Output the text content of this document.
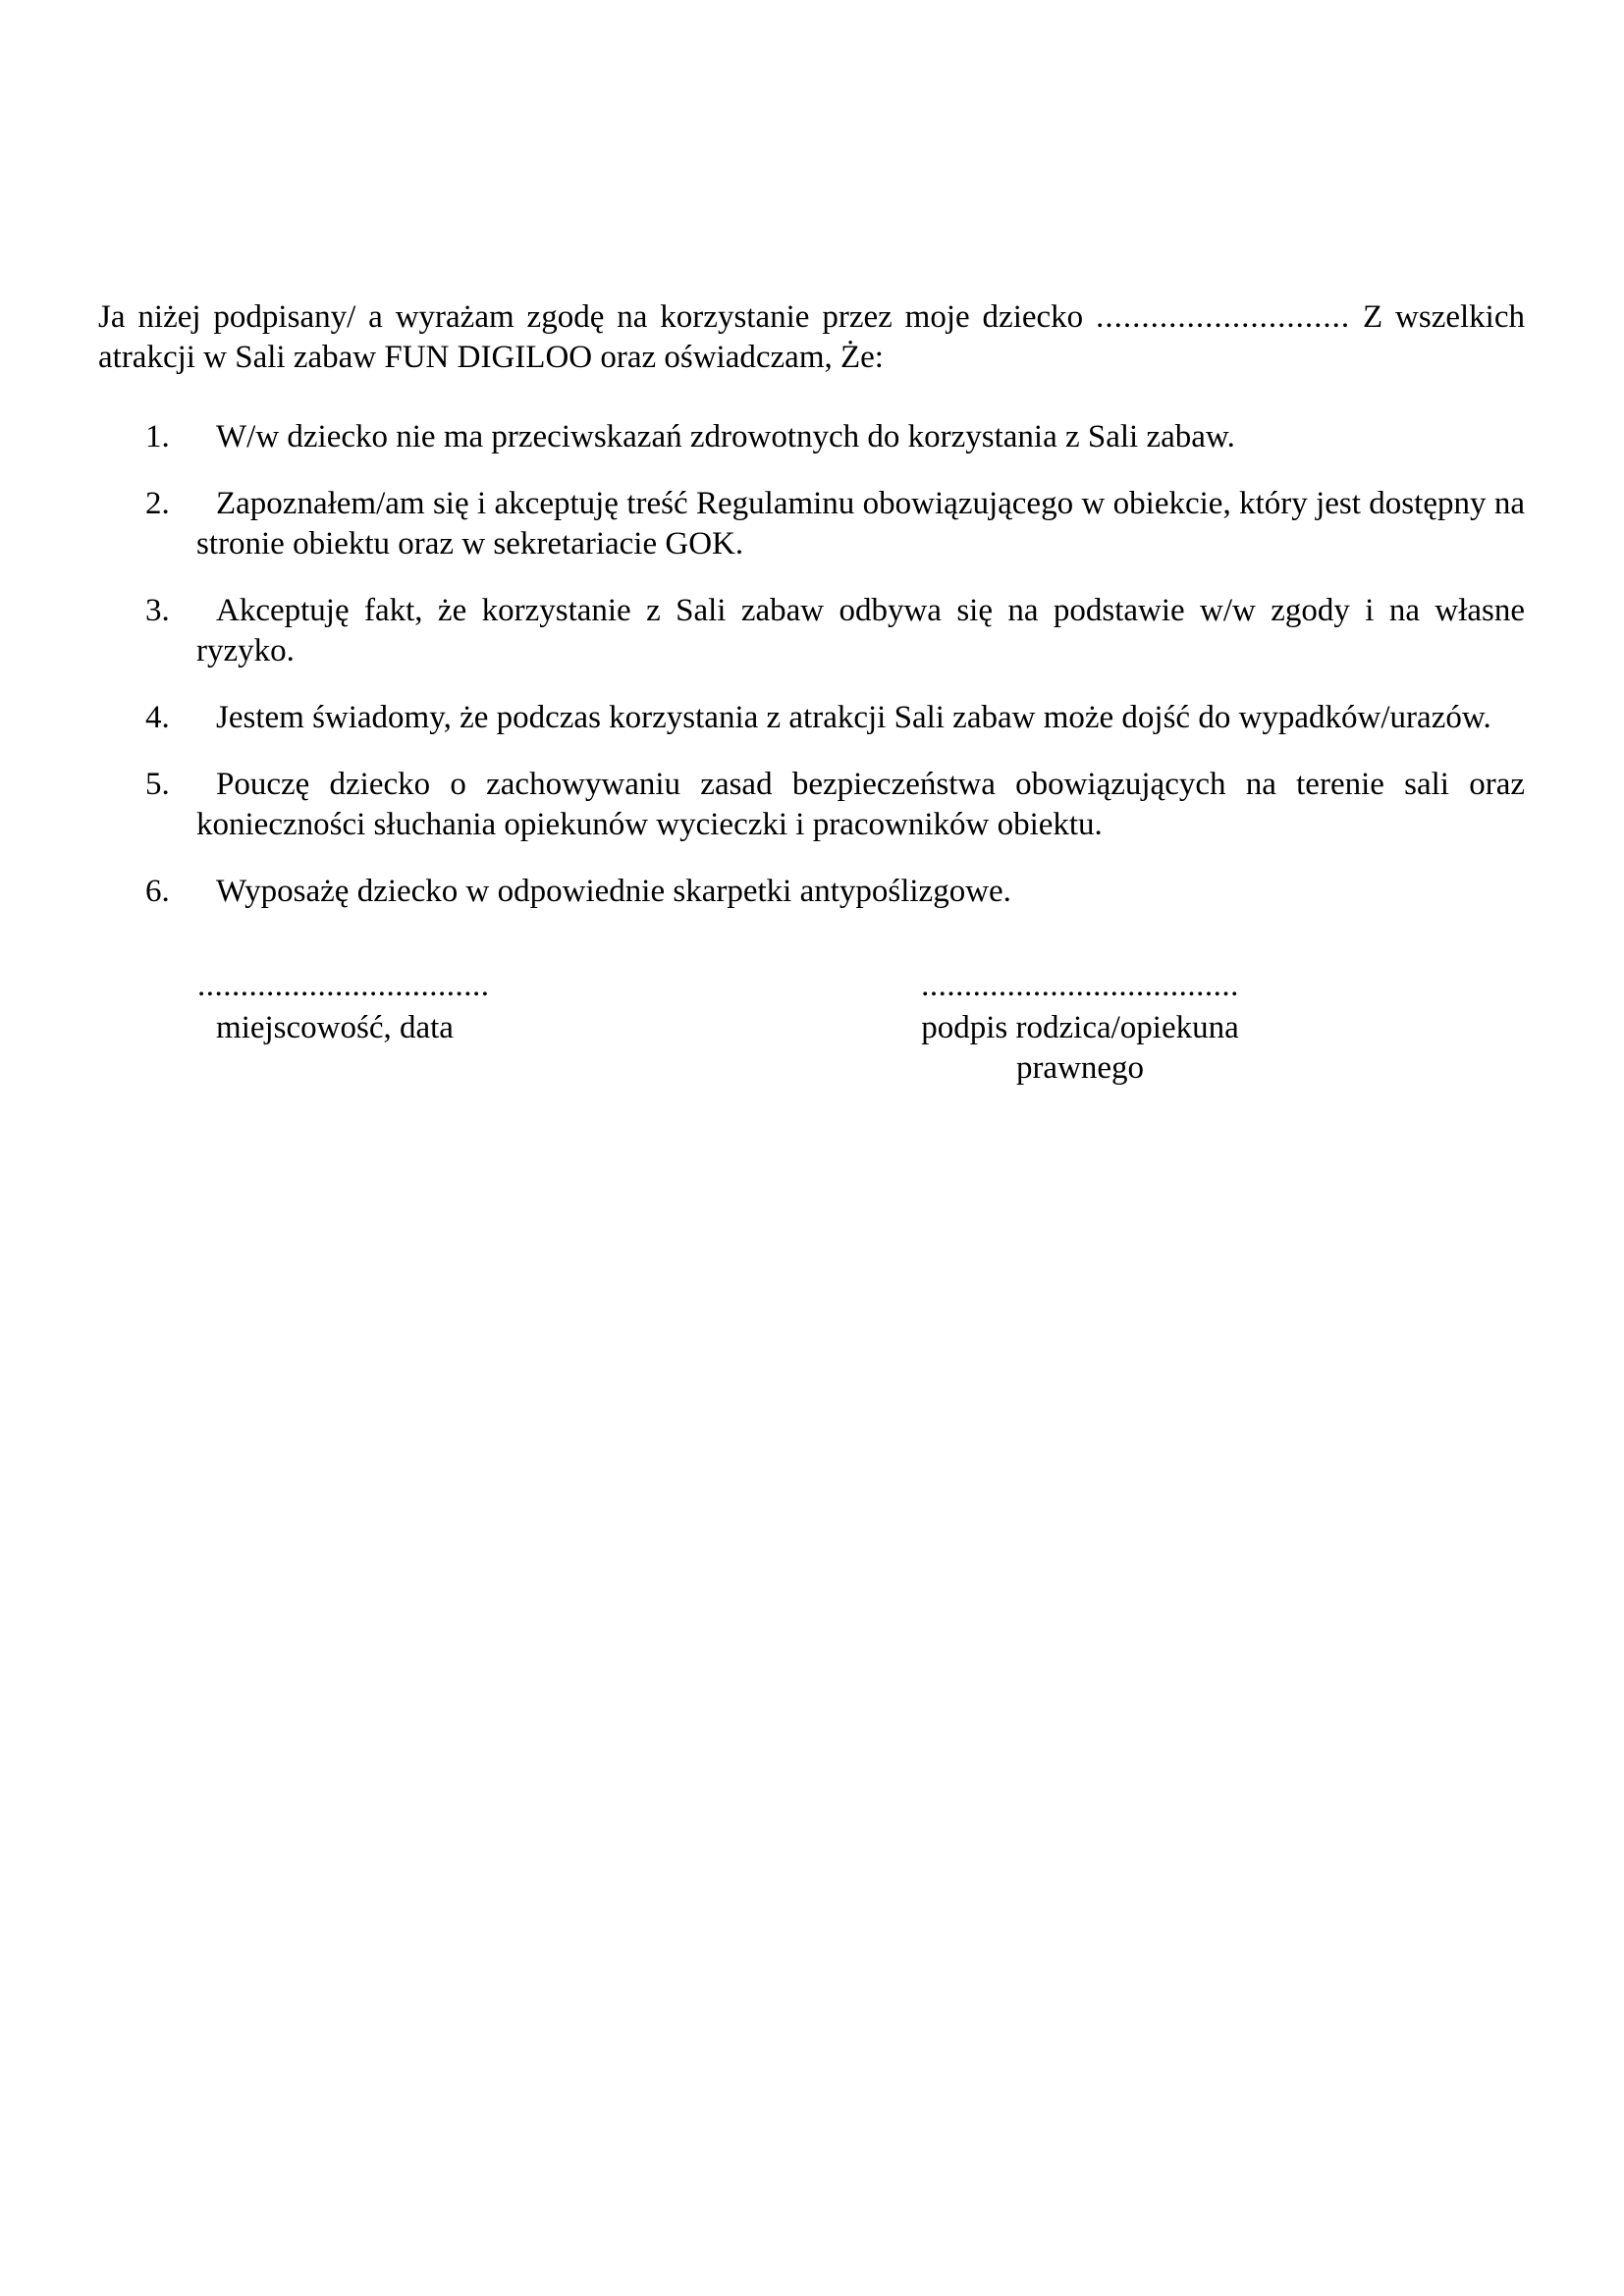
Ja niżej podpisany/ a wyrażam zgodę na korzystanie przez moje dziecko ............................ Z wszelkich atrakcji w Sali zabaw FUN DIGILOO oraz oświadczam, Że:

1. W/w dziecko nie ma przeciwskazań zdrowotnych do korzystania z Sali zabaw.
2. Zapoznałem/am się i akceptuję treść Regulaminu obowiązującego w obiekcie, który jest dostępny na stronie obiektu oraz w sekretariacie GOK.
3. Akceptuję fakt, że korzystanie z Sali zabaw odbywa się na podstawie w/w zgody i na własne ryzyko.
4. Jestem świadomy, że podczas korzystania z atrakcji Sali zabaw może dojść do wypadków/urazów.
5. Pouczę dziecko o zachowywaniu zasad bezpieczeństwa obowiązujących na terenie sali oraz konieczności słuchania opiekunów wycieczki i pracowników obiektu.
6. Wyposażę dziecko w odpowiednie skarpetki antypoślizgowe.
..................................
miejscowość, data
.....................................
podpis rodzica/opiekuna prawnego
